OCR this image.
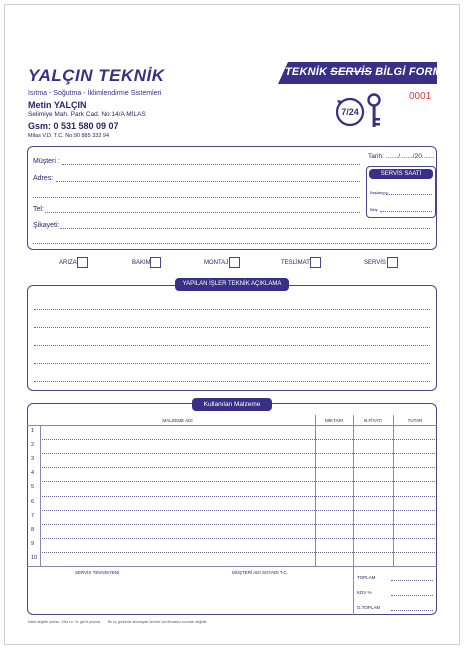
YALÇIN TEKNİK
Isıtma - Soğutma - İklimlendirme Sistemleri
Metin YALÇIN
Selimiye Mah. Park Cad. No:14/A MİLAS
Gsm: 0 531 580 09 07
Milas V.D. T.C. No:90 885 332 94
TEKNİK SERVİS BİLGİ FORMU
0001
7/24
Müşteri :
Adres:
Tel:
Şikayeti:
Tarih: ......./......./20.......
SERVİS SAATİ
Başlangıç:
Bitiş:
ARIZA	BAKIM	MONTAJ	TESLİMAT	SERVİS
YAPILAN İŞLER TEKNİK AÇIKLAMA
Kullanılan Malzeme
MALZEME ADI	MİKTARI	B.FİYATI	TUTAR
1
2
3
4
5
6
7
8
9
10
SERVİS TEKNİSYENİ	MÜŞTERİ ADI SOYADI T.C.
TOPLAM
KDV %
G.TOPLAM
Nakit değildir çek/sn. 1/ba t.e ÷b; gar'nt peyimz Bir kç gününde alınmayan ürünler için firmamız sorumlu değildir
